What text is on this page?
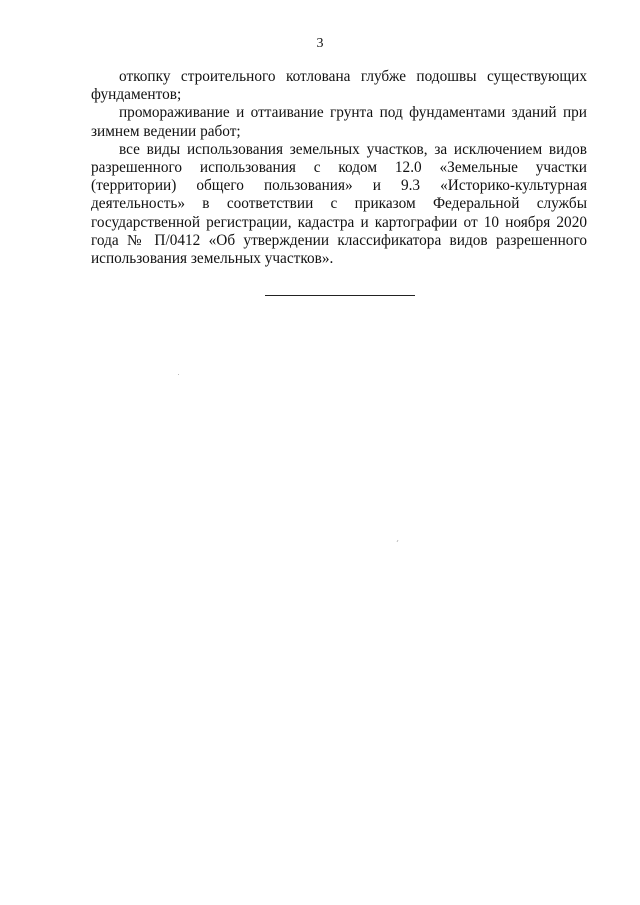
3

откопку строительного котлована глубже подошвы существующих фундаментов;

промораживание и оттаивание грунта под фундаментами зданий при зимнем ведении работ;

все виды использования земельных участков, за исключением видов разрешенного использования с кодом 12.0 «Земельные участки (территории) общего пользования» и 9.3 «Историко-культурная деятельность» в соответствии с приказом Федеральной службы государственной регистрации, кадастра и картографии от 10 ноября 2020 года № П/0412 «Об утверждении классификатора видов разрешенного использования земельных участков».
